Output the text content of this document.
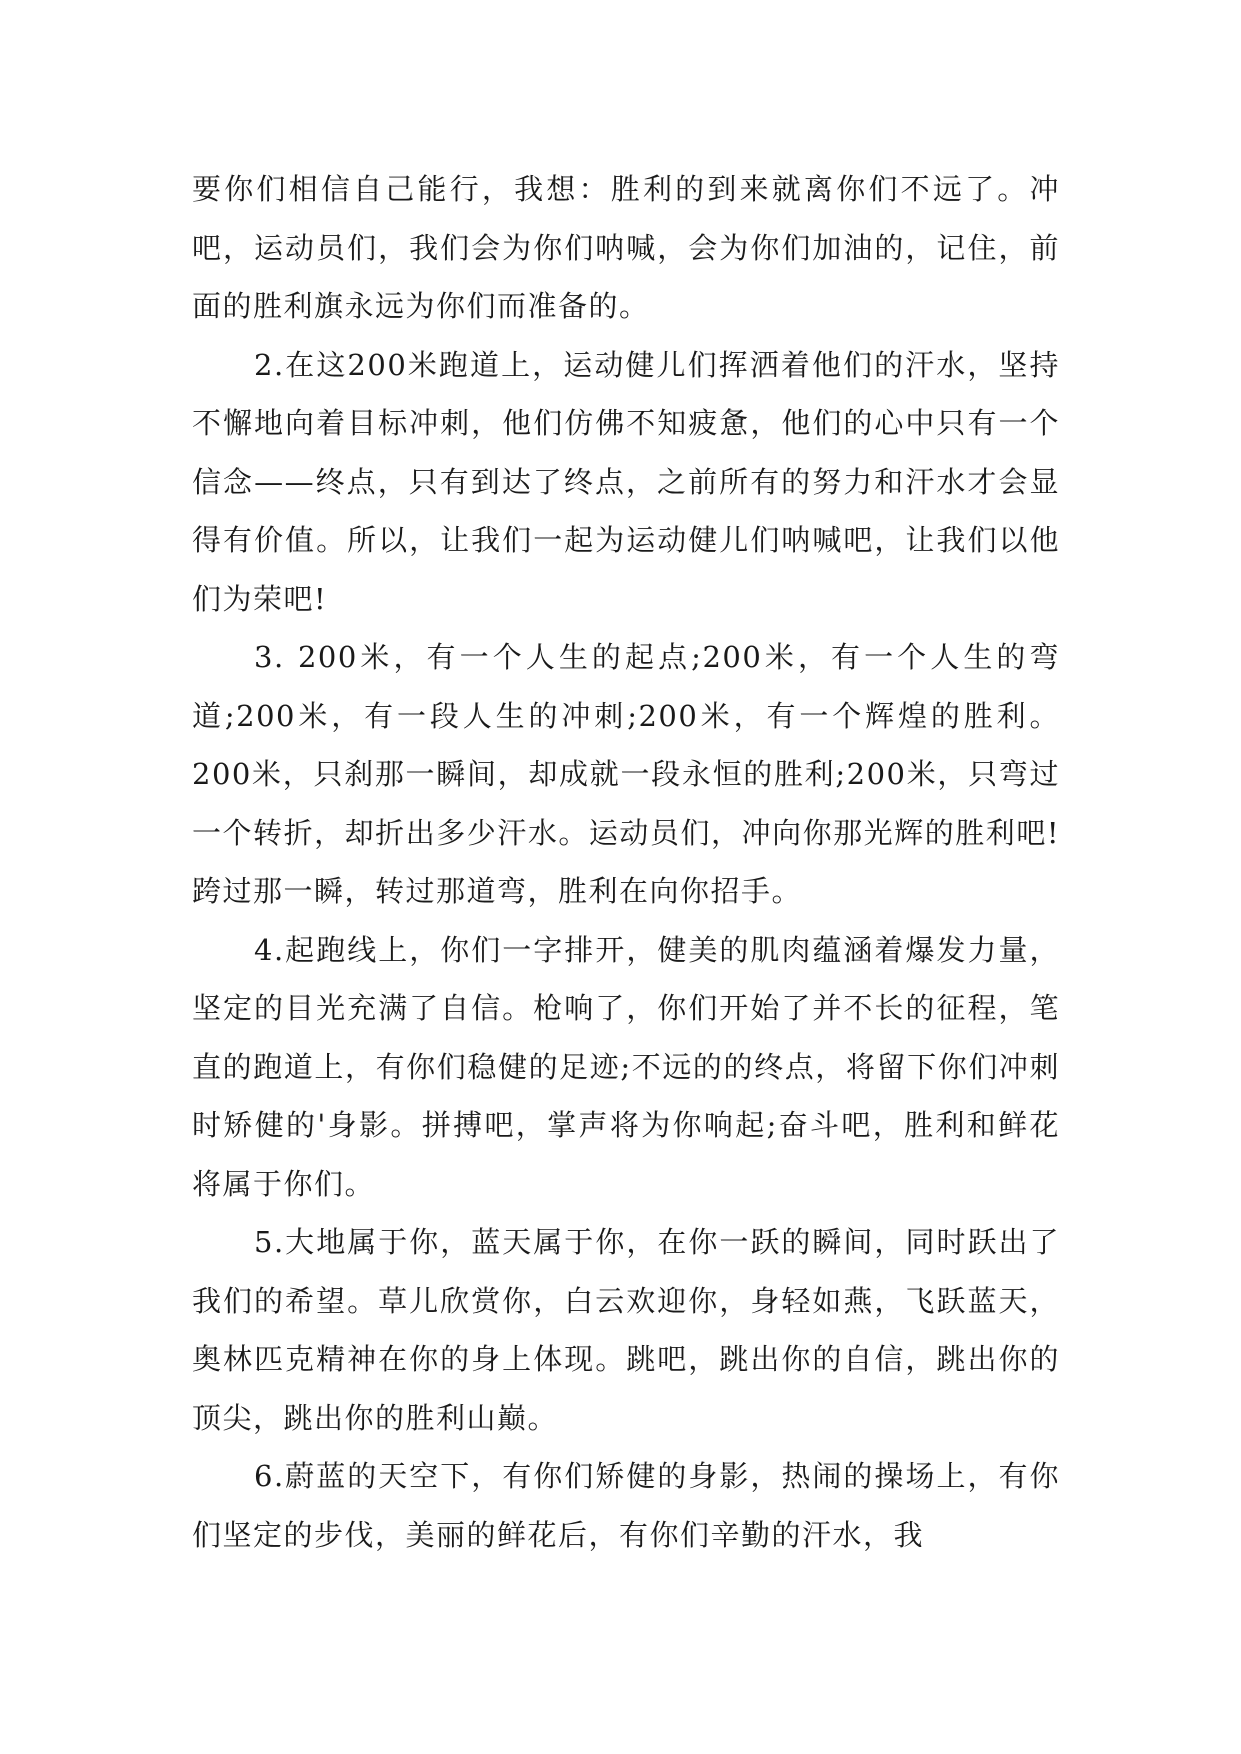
要你们相信自己能行，我想：胜利的到来就离你们不远了。冲吧，运动员们，我们会为你们呐喊，会为你们加油的，记住，前面的胜利旗永远为你们而准备的。

2.在这200米跑道上，运动健儿们挥洒着他们的汗水，坚持不懈地向着目标冲刺，他们仿佛不知疲惫，他们的心中只有一个信念——终点，只有到达了终点，之前所有的努力和汗水才会显得有价值。所以，让我们一起为运动健儿们呐喊吧，让我们以他们为荣吧!

3. 200米，有一个人生的起点;200米，有一个人生的弯道;200米，有一段人生的冲刺;200米，有一个辉煌的胜利。200米，只刹那一瞬间，却成就一段永恒的胜利;200米，只弯过一个转折，却折出多少汗水。运动员们，冲向你那光辉的胜利吧!跨过那一瞬，转过那道弯，胜利在向你招手。

4.起跑线上，你们一字排开，健美的肌肉蕴涵着爆发力量，坚定的目光充满了自信。枪响了，你们开始了并不长的征程，笔直的跑道上，有你们稳健的足迹;不远的的终点，将留下你们冲刺时矫健的'身影。拼搏吧，掌声将为你响起;奋斗吧，胜利和鲜花将属于你们。

5.大地属于你，蓝天属于你，在你一跃的瞬间，同时跃出了我们的希望。草儿欣赏你，白云欢迎你，身轻如燕，飞跃蓝天，奥林匹克精神在你的身上体现。跳吧，跳出你的自信，跳出你的顶尖，跳出你的胜利山巅。

6.蔚蓝的天空下，有你们矫健的身影，热闹的操场上，有你们坚定的步伐，美丽的鲜花后，有你们辛勤的汗水，我
